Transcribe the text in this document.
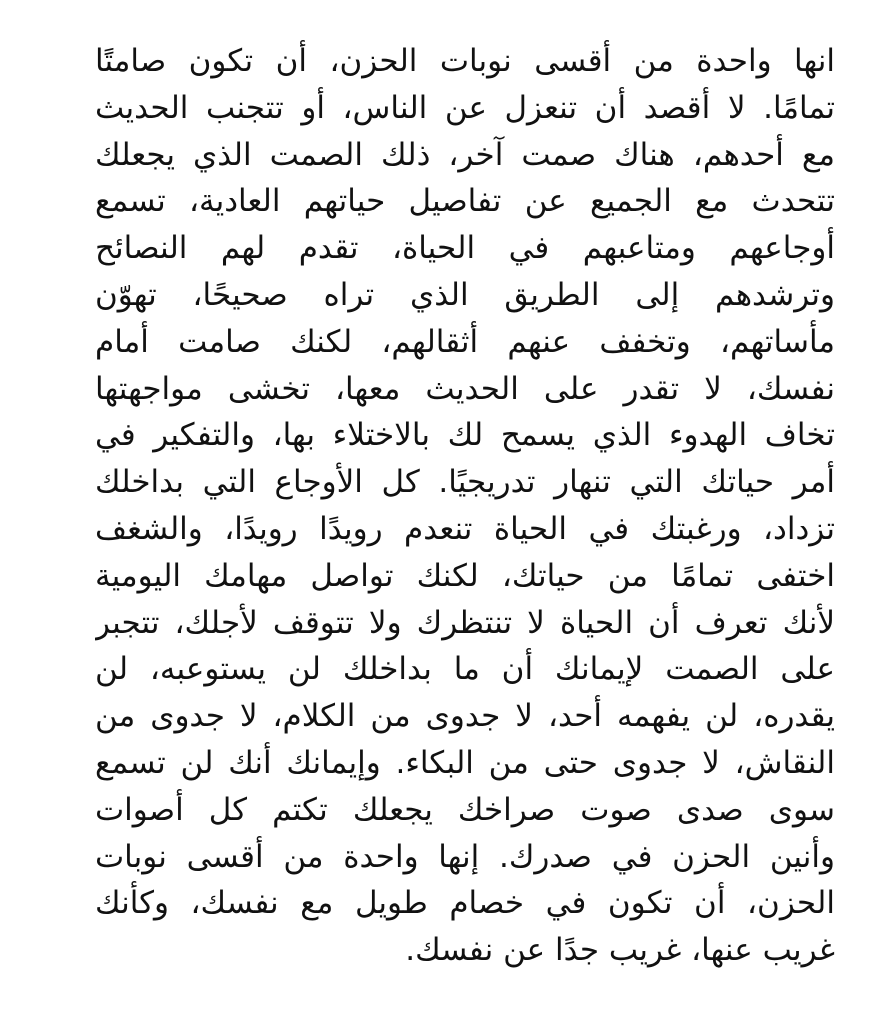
انها واحدة من أقسى نوبات الحزن، أن تكون صامتًا
تمامًا. لا أقصد أن تنعزل عن الناس، أو تتجنب الحديث
مع أحدهم، هناك صمت آخر، ذلك الصمت الذي يجعلك
تتحدث مع الجميع عن تفاصيل حياتهم العادية، تسمع
أوجاعهم ومتاعبهم في الحياة، تقدم لهم النصائح
وترشدهم إلى الطريق الذي تراه صحيحًا، تهوّن
مأساتهم، وتخفف عنهم أثقالهم، لكنك صامت أمام
نفسك، لا تقدر على الحديث معها، تخشى مواجهتها
تخاف الهدوء الذي يسمح لك بالاختلاء بها، والتفكير في
أمر حياتك التي تنهار تدريجيًا. كل الأوجاع التي بداخلك
تزداد، ورغبتك في الحياة تنعدم رويدًا رويدًا، والشغف
اختفى تمامًا من حياتك، لكنك تواصل مهامك اليومية
لأنك تعرف أن الحياة لا تنتظرك ولا تتوقف لأجلك، تتجبر
على الصمت لإيمانك أن ما بداخلك لن يستوعبه، لن
يقدره، لن يفهمه أحد، لا جدوى من الكلام، لا جدوى من
النقاش، لا جدوى حتى من البكاء. وإيمانك أنك لن تسمع
سوى صدى صوت صراخك يجعلك تكتم كل أصوات
وأنين الحزن في صدرك. إنها واحدة من أقسى نوبات
الحزن، أن تكون في خصام طويل مع نفسك، وكأنك
غريب عنها، غريب جدًا عن نفسك.
